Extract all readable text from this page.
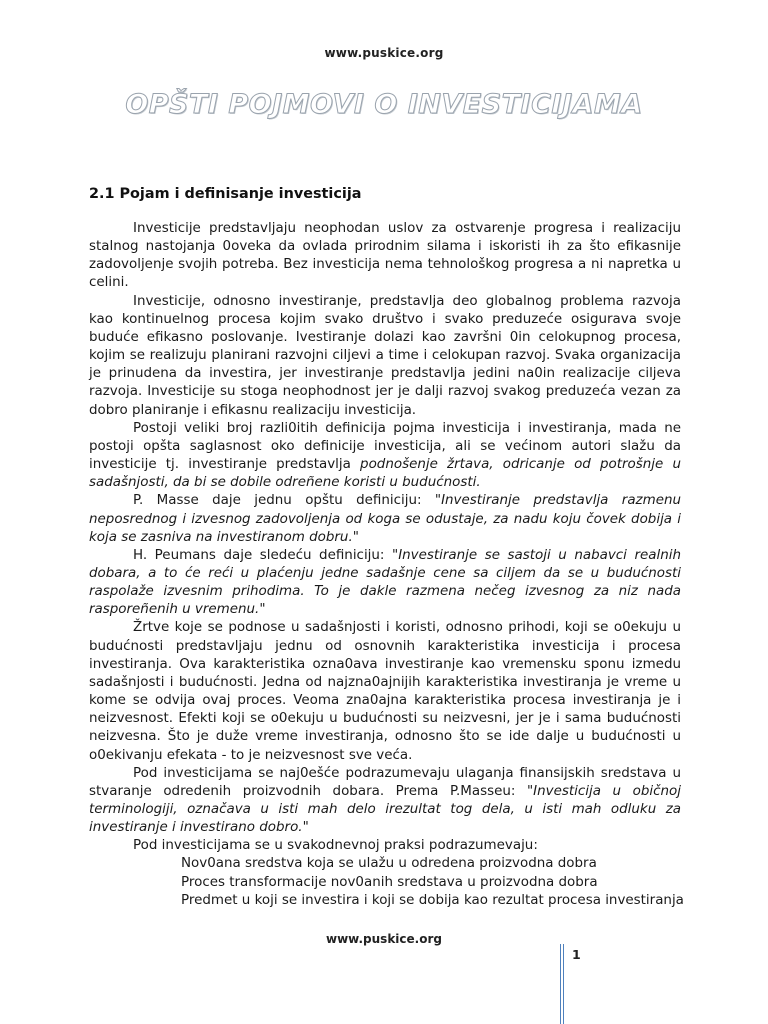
www.puskice.org
OPŠTI POJMOVI O INVESTICIJAMA
2.1 Pojam i definisanje investicija

Investicije predstavljaju neophodan uslov za ostvarenje progresa i realizaciju stalnog nastojanja 0oveka da ovlada prirodnim silama i iskoristi ih za što efikasnije zadovoljenje svojih potreba. Bez investicija nema tehnološkog progresa a ni napretka u celini.

Investicije, odnosno investiranje, predstavlja deo globalnog problema razvoja kao kontinuelnog procesa kojim svako društvo i svako preduzeće osigurava svoje buduće efikasno poslovanje. Ivestiranje dolazi kao završni 0in celokupnog procesa, kojim se realizuju planirani razvojni ciljevi a time i celokupan razvoj. Svaka organizacija je prinudena da investira, jer investiranje predstavlja jedini na0in realizacije ciljeva razvoja. Investicije su stoga neophodnost jer je dalji razvoj svakog preduzeća vezan za dobro planiranje i efikasnu realizaciju investicija.

Postoji veliki broj razli0itih definicija pojma investicija i investiranja, mada ne postoji opšta saglasnost oko definicije investicija, ali se većinom autori slažu da investicije tj. investiranje predstavlja podnošenje žrtava, odricanje od potrošnje u sadašnjosti, da bi se dobile odreñene koristi u budućnosti.

P. Masse daje jednu opštu definiciju: "Investiranje predstavlja razmenu neposrednog i izvesnog zadovoljenja od koga se odustaje, za nadu koju čovek dobija i koja se zasniva na investiranom dobru."

H. Peumans daje sledeću definiciju: "Investiranje se sastoji u nabavci realnih dobara, a to će reći u plaćenju jedne sadašnje cene sa ciljem da se u budućnosti raspolaže izvesnim prihodima. To je dakle razmena nečeg izvesnog za niz nada rasporeñenih u vremenu."

Žrtve koje se podnose u sadašnjosti i koristi, odnosno prihodi, koji se o0ekuju u budućnosti predstavljaju jednu od osnovnih karakteristika investicija i procesa investiranja. Ova karakteristika ozna0ava investiranje kao vremensku sponu izmedu sadašnjosti i budućnosti. Jedna od najzna0ajnijih karakteristika investiranja je vreme u kome se odvija ovaj proces. Veoma zna0ajna karakteristika procesa investiranja je i neizvesnost. Efekti koji se o0ekuju u budućnosti su neizvesni, jer je i sama budućnosti neizvesna. Što je duže vreme investiranja, odnosno što se ide dalje u budućnosti u o0ekivanju efekata - to je neizvesnost sve veća.

Pod investicijama se naj0ešće podrazumevaju ulaganja finansijskih sredstava u stvaranje odredenih proizvodnih dobara. Prema P.Masseu: "Investicija u običnoj terminologiji, označava u isti mah delo irezultat tog dela, u isti mah odluku za investiranje i investirano dobro."

Pod investicijama se u svakodnevnoj praksi podrazumevaju:

Nov0ana sredstva koja se ulažu u odredena proizvodna dobra
Proces transformacije nov0anih sredstava u proizvodna dobra
Predmet u koji se investira i koji se dobija kao rezultat procesa investiranja
www.puskice.org
1
